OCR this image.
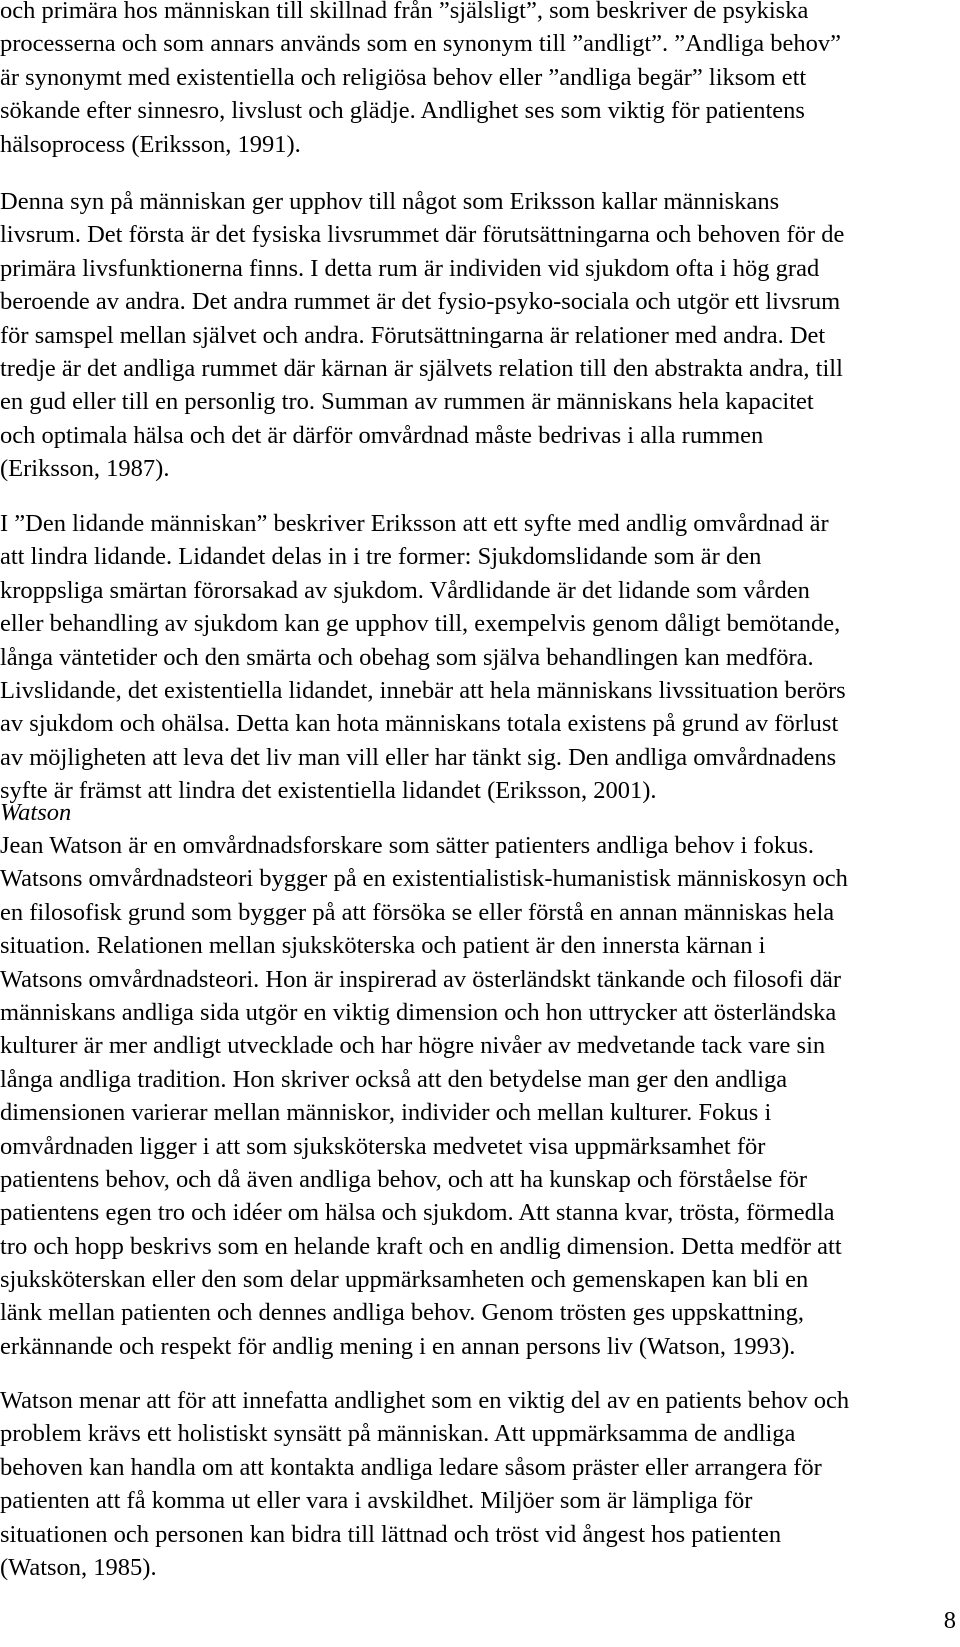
och primära hos människan till skillnad från ”själsligt”, som beskriver de psykiska
processerna och som annars används som en synonym till ”andligt”. ”Andliga behov”
är synonymt med existentiella och religiösa behov eller ”andliga begär” liksom ett
sökande efter sinnesro, livslust och glädje. Andlighet ses som viktig för patientens
hälsoprocess (Eriksson, 1991).
Denna syn på människan ger upphov till något som Eriksson kallar människans
livsrum. Det första är det fysiska livsrummet där förutsättningarna och behoven för de
primära livsfunktionerna finns. I detta rum är individen vid sjukdom ofta i hög grad
beroende av andra. Det andra rummet är det fysio-psyko-sociala och utgör ett livsrum
för samspel mellan självet och andra. Förutsättningarna är relationer med andra. Det
tredje är det andliga rummet där kärnan är självets relation till den abstrakta andra, till
en gud eller till en personlig tro. Summan av rummen är människans hela kapacitet
och optimala hälsa och det är därför omvårdnad måste bedrivas i alla rummen
(Eriksson, 1987).
I ”Den lidande människan” beskriver Eriksson att ett syfte med andlig omvårdnad är
att lindra lidande. Lidandet delas in i tre former: Sjukdomslidande som är den
kroppsliga smärtan förorsakad av sjukdom. Vårdlidande är det lidande som vården
eller behandling av sjukdom kan ge upphov till, exempelvis genom dåligt bemötande,
långa väntetider och den smärta och obehag som själva behandlingen kan medföra.
Livslidande, det existentiella lidandet, innebär att hela människans livssituation berörs
av sjukdom och ohälsa. Detta kan hota människans totala existens på grund av förlust
av möjligheten att leva det liv man vill eller har tänkt sig. Den andliga omvårdnadens
syfte är främst att lindra det existentiella lidandet (Eriksson, 2001).
Watson
Jean Watson är en omvårdnadsforskare som sätter patienters andliga behov i fokus.
Watsons omvårdnadsteori bygger på en existentialistisk-humanistisk människosyn och
en filosofisk grund som bygger på att försöka se eller förstå en annan människas hela
situation. Relationen mellan sjuksköterska och patient är den innersta kärnan i
Watsons omvårdnadsteori. Hon är inspirerad av österländskt tänkande och filosofi där
människans andliga sida utgör en viktig dimension och hon uttrycker att österländska
kulturer är mer andligt utvecklade och har högre nivåer av medvetande tack vare sin
långa andliga tradition. Hon skriver också att den betydelse man ger den andliga
dimensionen varierar mellan människor, individer och mellan kulturer. Fokus i
omvårdnaden ligger i att som sjuksköterska medvetet visa uppmärksamhet för
patientens behov, och då även andliga behov, och att ha kunskap och förståelse för
patientens egen tro och idéer om hälsa och sjukdom. Att stanna kvar, trösta, förmedla
tro och hopp beskrivs som en helande kraft och en andlig dimension. Detta medför att
sjuksköterskan eller den som delar uppmärksamheten och gemenskapen kan bli en
länk mellan patienten och dennes andliga behov. Genom trösten ges uppskattning,
erkännande och respekt för andlig mening i en annan persons liv (Watson, 1993).
Watson menar att för att innefatta andlighet som en viktig del av en patients behov och
problem krävs ett holistiskt synsätt på människan. Att uppmärksamma de andliga
behoven kan handla om att kontakta andliga ledare såsom präster eller arrangera för
patienten att få komma ut eller vara i avskildhet. Miljöer som är lämpliga för
situationen och personen kan bidra till lättnad och tröst vid ångest hos patienten
(Watson, 1985).
8
